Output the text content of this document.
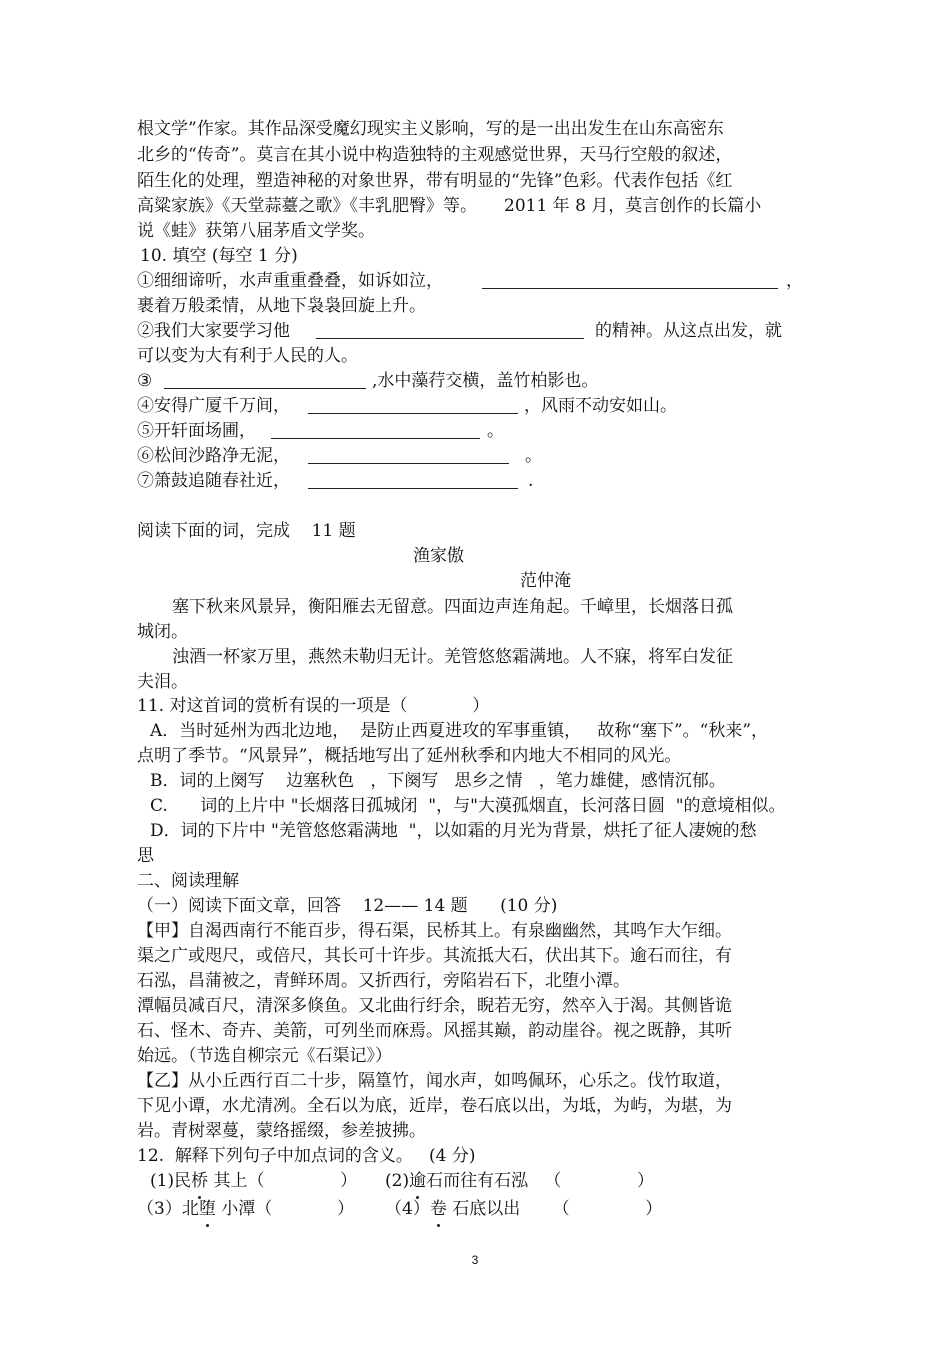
根文学”作家。其作品深受魔幻现实主义影响，写的是一出出发生在山东高密东
北乡的“传奇”。莫言在其小说中构造独特的主观感觉世界，天马行空般的叙述，
陌生化的处理，塑造神秘的对象世界，带有明显的“先锋”色彩。代表作包括《红
高粱家族》《天堂蒜薹之歌》《丰乳肥臀》等。     2011 年 8 月，莫言创作的长篇小
说《蛙》获第八届茅盾文学奖。
10. 填空 (每空 1 分)
①细细谛听，水声重重叠叠，如诉如泣，	，
裹着万般柔情，从地下袅袅回旋上升。
②我们大家要学习他	的精神。从这点出发，就
可以变为大有利于人民的人。
③	,水中藻荇交横，盖竹柏影也。
④安得广厦千万间，	，风雨不动安如山。
⑤开轩面场圃，	。
⑥松间沙路净无泥，	。
⑦箫鼓追随春社近，	.
阅读下面的词，完成    11 题
渔家傲
范仲淹
塞下秋来风景异，衡阳雁去无留意。四面边声连角起。千嶂里，长烟落日孤
城闭。
浊酒一杯家万里，燕然未勒归无计。羌管悠悠霜满地。人不寐，将军白发征
夫泪。
11. 对这首词的赏析有误的一项是（            ）
A．当时延州为西北边地，  是防止西夏进攻的军事重镇，   故称“塞下”。“秋来”，
点明了季节。“风景异”，概括地写出了延州秋季和内地大不相同的风光。
B．词的上阕写    边塞秋色   ，下阕写   思乡之情   ，笔力雄健，感情沉郁。
C.      词的上片中 "长烟落日孤城闭  "，与"大漠孤烟直，长河落日圆  "的意境相似。
D．词的下片中 "羌管悠悠霜满地  "，以如霜的月光为背景，烘托了征人凄婉的愁
思
二、阅读理解
（一）阅读下面文章，回答    12—— 14 题      (10 分)
【甲】自渴西南行不能百步，得石渠，民桥其上。有泉幽幽然，其鸣乍大乍细。
渠之广或咫尺，或倍尺，其长可十许步。其流抵大石，伏出其下。逾石而往，有
石泓，昌蒲被之，青鲜环周。又折西行，旁陷岩石下，北堕小潭。
潭幅员减百尺，清深多倏鱼。又北曲行纡余，睨若无穷，然卒入于渴。其侧皆诡
石、怪木、奇卉、美箭，可列坐而庥焉。风摇其巅，韵动崖谷。视之既静，其听
始远。（节选自柳宗元《石渠记》）
【乙】从小丘西行百二十步，隔篁竹，闻水声，如鸣佩环，心乐之。伐竹取道，
下见小谭，水尤清冽。全石以为底，近岸，卷石底以出，为坻，为屿，为堪，为
岩。青树翠蔓，蒙络摇缀，参差披拂。
12.  解释下列句子中加点词的含义。   (4 分)
(1)民桥 其上（              ） (2)逾石而往有石泓   （              ）
（3）北堕 小潭（            ） （4）卷 石底以出      （              ）
3
